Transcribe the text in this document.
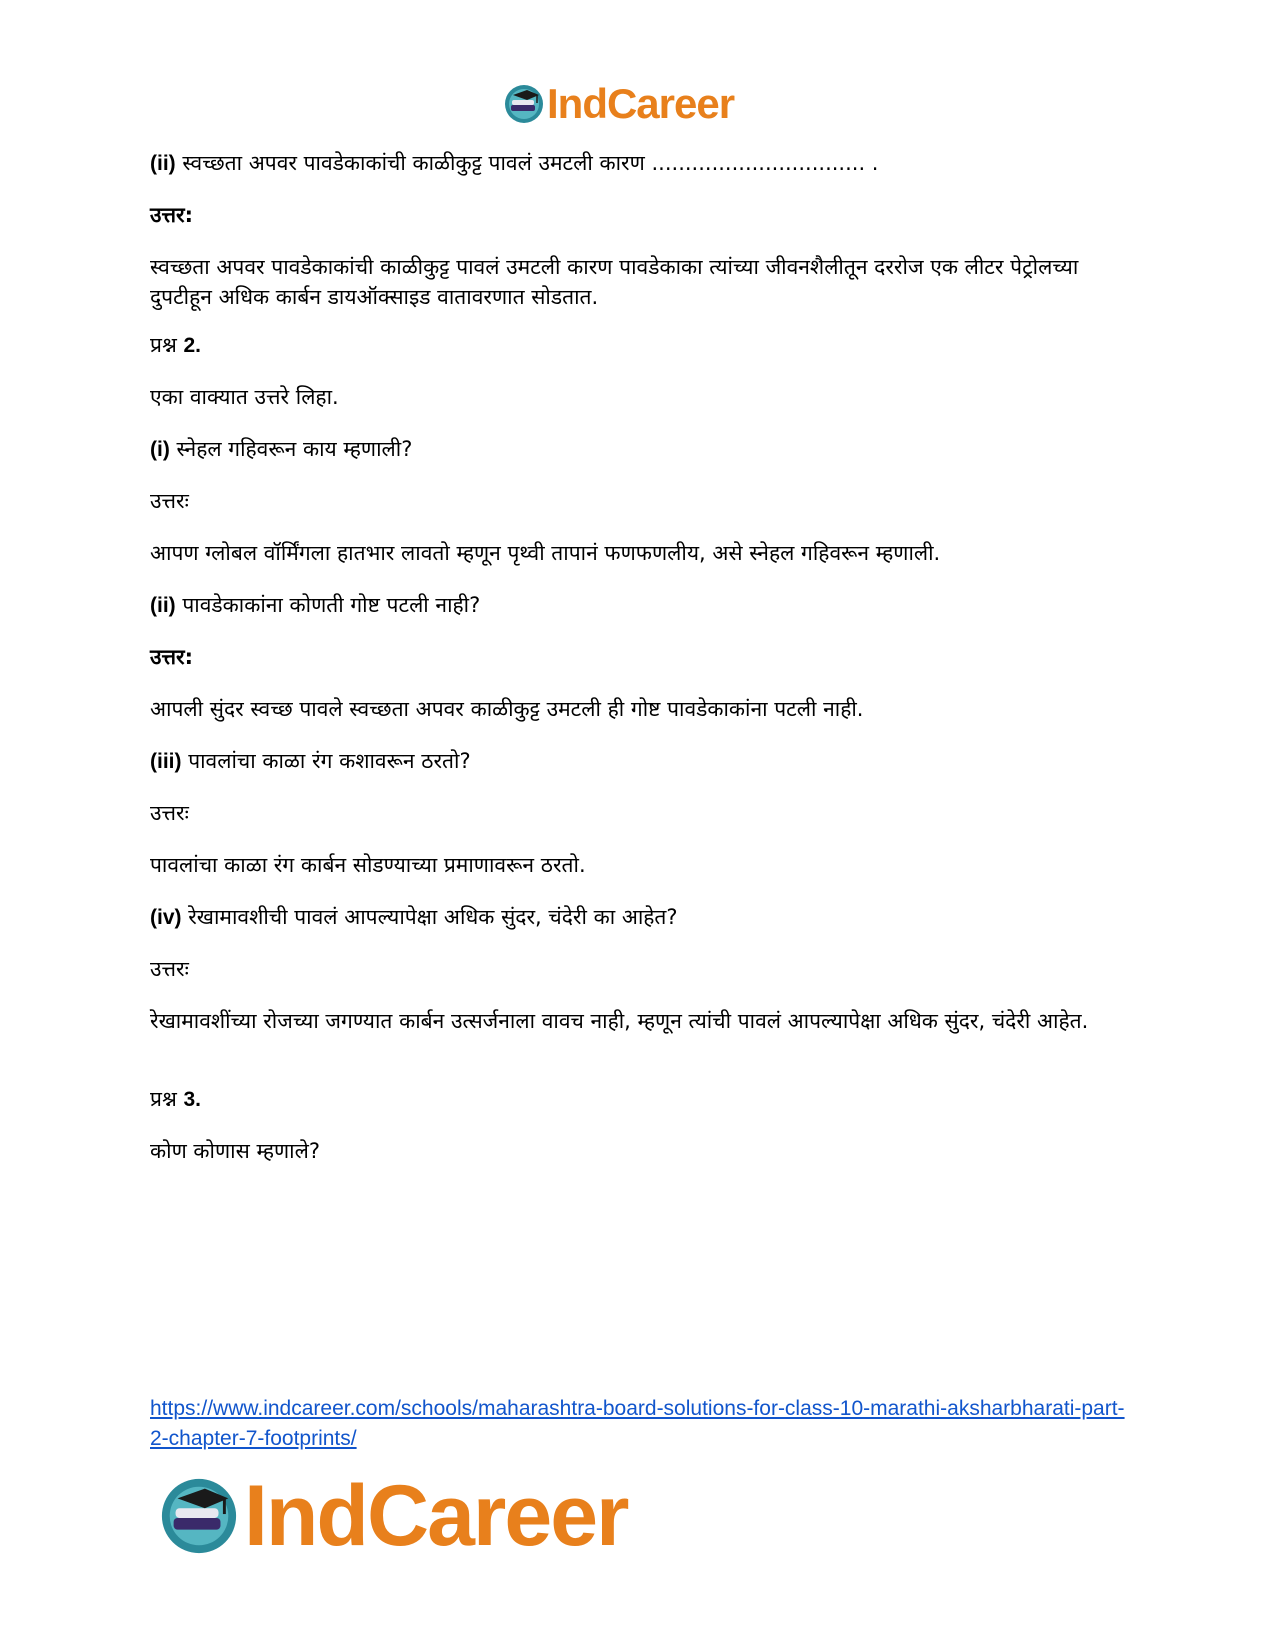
IndCareer
(ii) स्वच्छता अपवर पावडेकाकांची काळीकुट्ट पावलं उमटली कारण ................................ .
उत्तर:
स्वच्छता अपवर पावडेकाकांची काळीकुट्ट पावलं उमटली कारण पावडेकाका त्यांच्या जीवनशैलीतून दररोज एक लीटर पेट्रोलच्या दुपटीहून अधिक कार्बन डायऑक्साइड वातावरणात सोडतात.
प्रश्न 2.
एका वाक्यात उत्तरे लिहा.
(i) स्नेहल गहिवरून काय म्हणाली?
उत्तरः
आपण ग्लोबल वॉर्मिंगला हातभार लावतो म्हणून पृथ्वी तापानं फणफणलीय, असे स्नेहल गहिवरून म्हणाली.
(ii) पावडेकाकांना कोणती गोष्ट पटली नाही?
उत्तर:
आपली सुंदर स्वच्छ पावले स्वच्छता अपवर काळीकुट्ट उमटली ही गोष्ट पावडेकाकांना पटली नाही.
(iii) पावलांचा काळा रंग कशावरून ठरतो?
उत्तरः
पावलांचा काळा रंग कार्बन सोडण्याच्या प्रमाणावरून ठरतो.
(iv) रेखामावशीची पावलं आपल्यापेक्षा अधिक सुंदर, चंदेरी का आहेत?
उत्तरः
रेखामावशींच्या रोजच्या जगण्यात कार्बन उत्सर्जनाला वावच नाही, म्हणून त्यांची पावलं आपल्यापेक्षा अधिक सुंदर, चंदेरी आहेत.
प्रश्न 3.
कोण कोणास म्हणाले?
https://www.indcareer.com/schools/maharashtra-board-solutions-for-class-10-marathi-aksharbharati-part-2-chapter-7-footprints/
IndCareer
